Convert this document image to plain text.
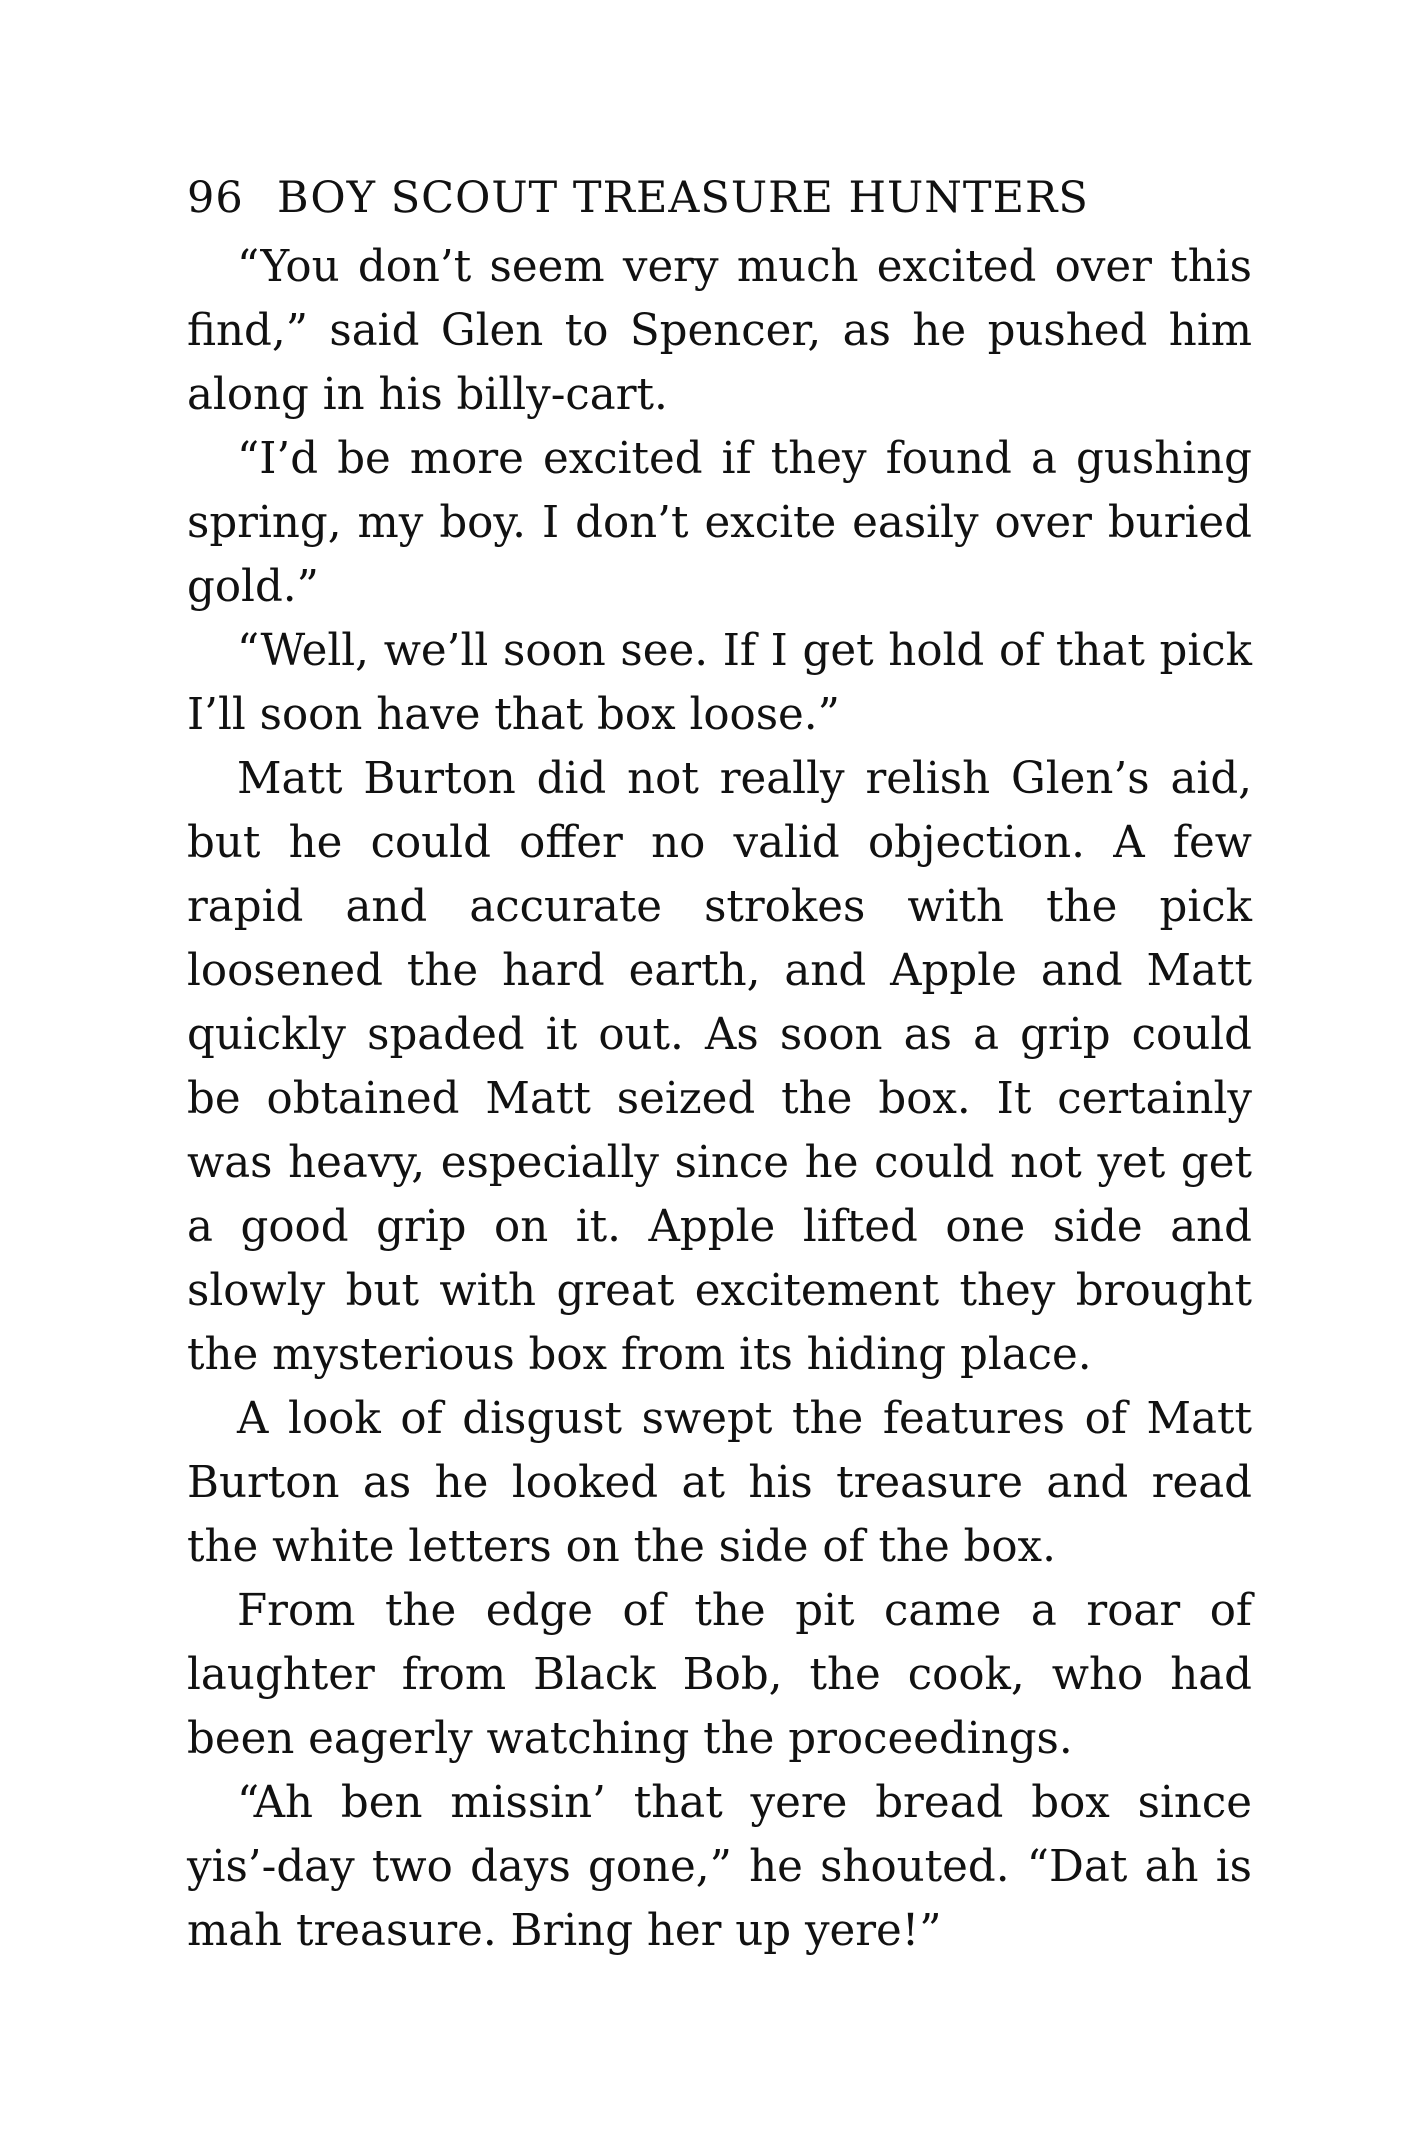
96 BOY SCOUT TREASURE HUNTERS

“You don’t seem very much excited over this find,” said Glen to Spencer, as he pushed him along in his billy-cart.

“I’d be more excited if they found a gushing spring, my boy. I don’t excite easily over buried gold.”

“Well, we’ll soon see. If I get hold of that pick I’ll soon have that box loose.”

Matt Burton did not really relish Glen’s aid, but he could offer no valid objection. A few rapid and accurate strokes with the pick loosened the hard earth, and Apple and Matt quickly spaded it out. As soon as a grip could be obtained Matt seized the box. It certainly was heavy, especially since he could not yet get a good grip on it. Apple lifted one side and slowly but with great excitement they brought the mysterious box from its hiding place.

A look of disgust swept the features of Matt Burton as he looked at his treasure and read the white letters on the side of the box.

From the edge of the pit came a roar of laughter from Black Bob, the cook, who had been eagerly watching the proceedings.

“Ah ben missin’ that yere bread box since yis’-day two days gone,” he shouted. “Dat ah is mah treasure. Bring her up yere!”
